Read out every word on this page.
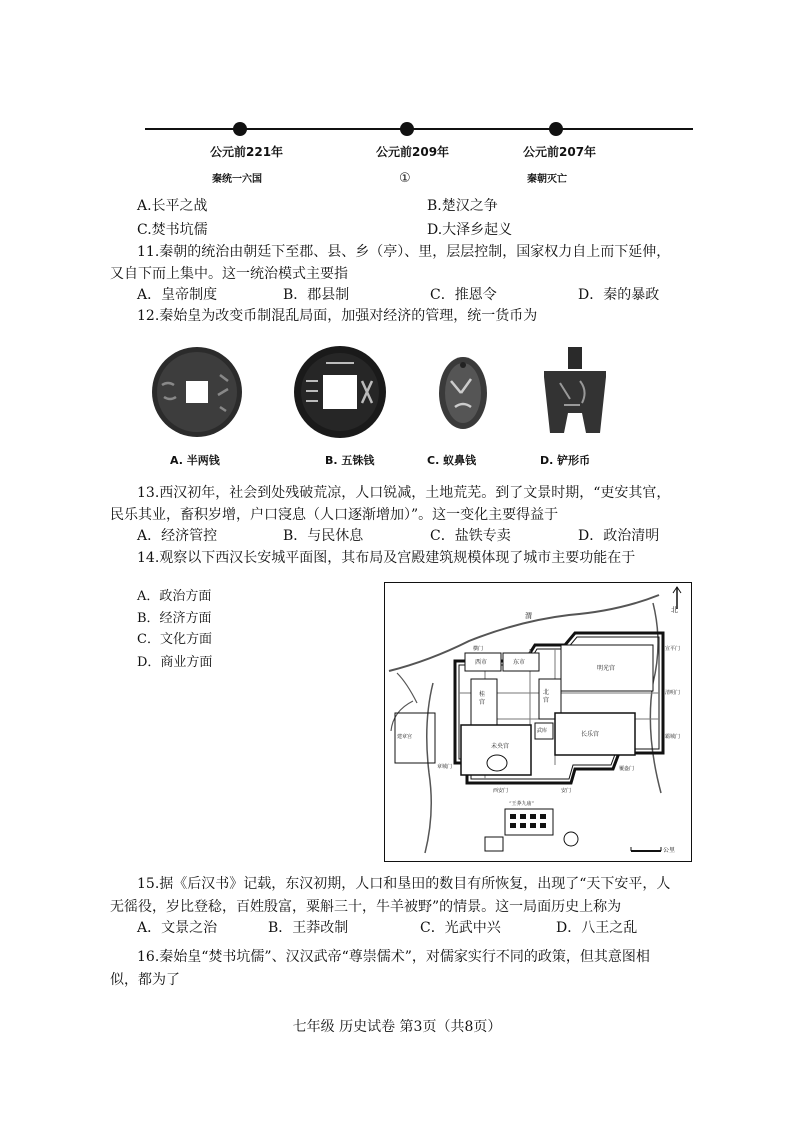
公元前221年	公元前209年	公元前207年
秦统一六国	①	秦朝灭亡
A.长平之战	B.楚汉之争
C.焚书坑儒	D.大泽乡起义
11.秦朝的统治由朝廷下至郡、县、乡（亭）、里，层层控制，国家权力自上而下延伸，
又自下而上集中。这一统治模式主要指
A．皇帝制度	B．郡县制	C．推恩令	D．秦的暴政
12.秦始皇为改变币制混乱局面，加强对经济的管理，统一货币为
A. 半两钱	B. 五铢钱	C. 蚁鼻钱	D. 铲形币
13.西汉初年，社会到处残破荒凉，人口锐减，土地荒芜。到了文景时期，“吏安其官，
民乐其业，畜积岁增，户口寖息（人口逐渐增加）”。这一变化主要得益于
A．经济管控	B．与民休息	C．盐铁专卖	D．政治清明
14.观察以下西汉长安城平面图，其布局及宫殿建筑规模体现了城市主要功能在于
A．政治方面
B．经济方面
C．文化方面
D．商业方面
北
渭
西市	东市
明光宫
北宫
桂宫
长乐宫
未央宫
武库
建章宫
“王莽九庙”
公里
西安门	安门
覆盎门
章城门
霸城门
清明门
宣平门
横门
15.据《后汉书》记载，东汉初期，人口和垦田的数目有所恢复，出现了“天下安平，人
无徭役，岁比登稔，百姓殷富，粟斛三十，牛羊被野”的情景。这一局面历史上称为
A．文景之治	B．王莽改制	C．光武中兴	D．八王之乱
16.秦始皇“焚书坑儒”、汉汉武帝“尊崇儒术”，对儒家实行不同的政策，但其意图相
似，都为了
七年级 历史试卷 第3页（共8页）
